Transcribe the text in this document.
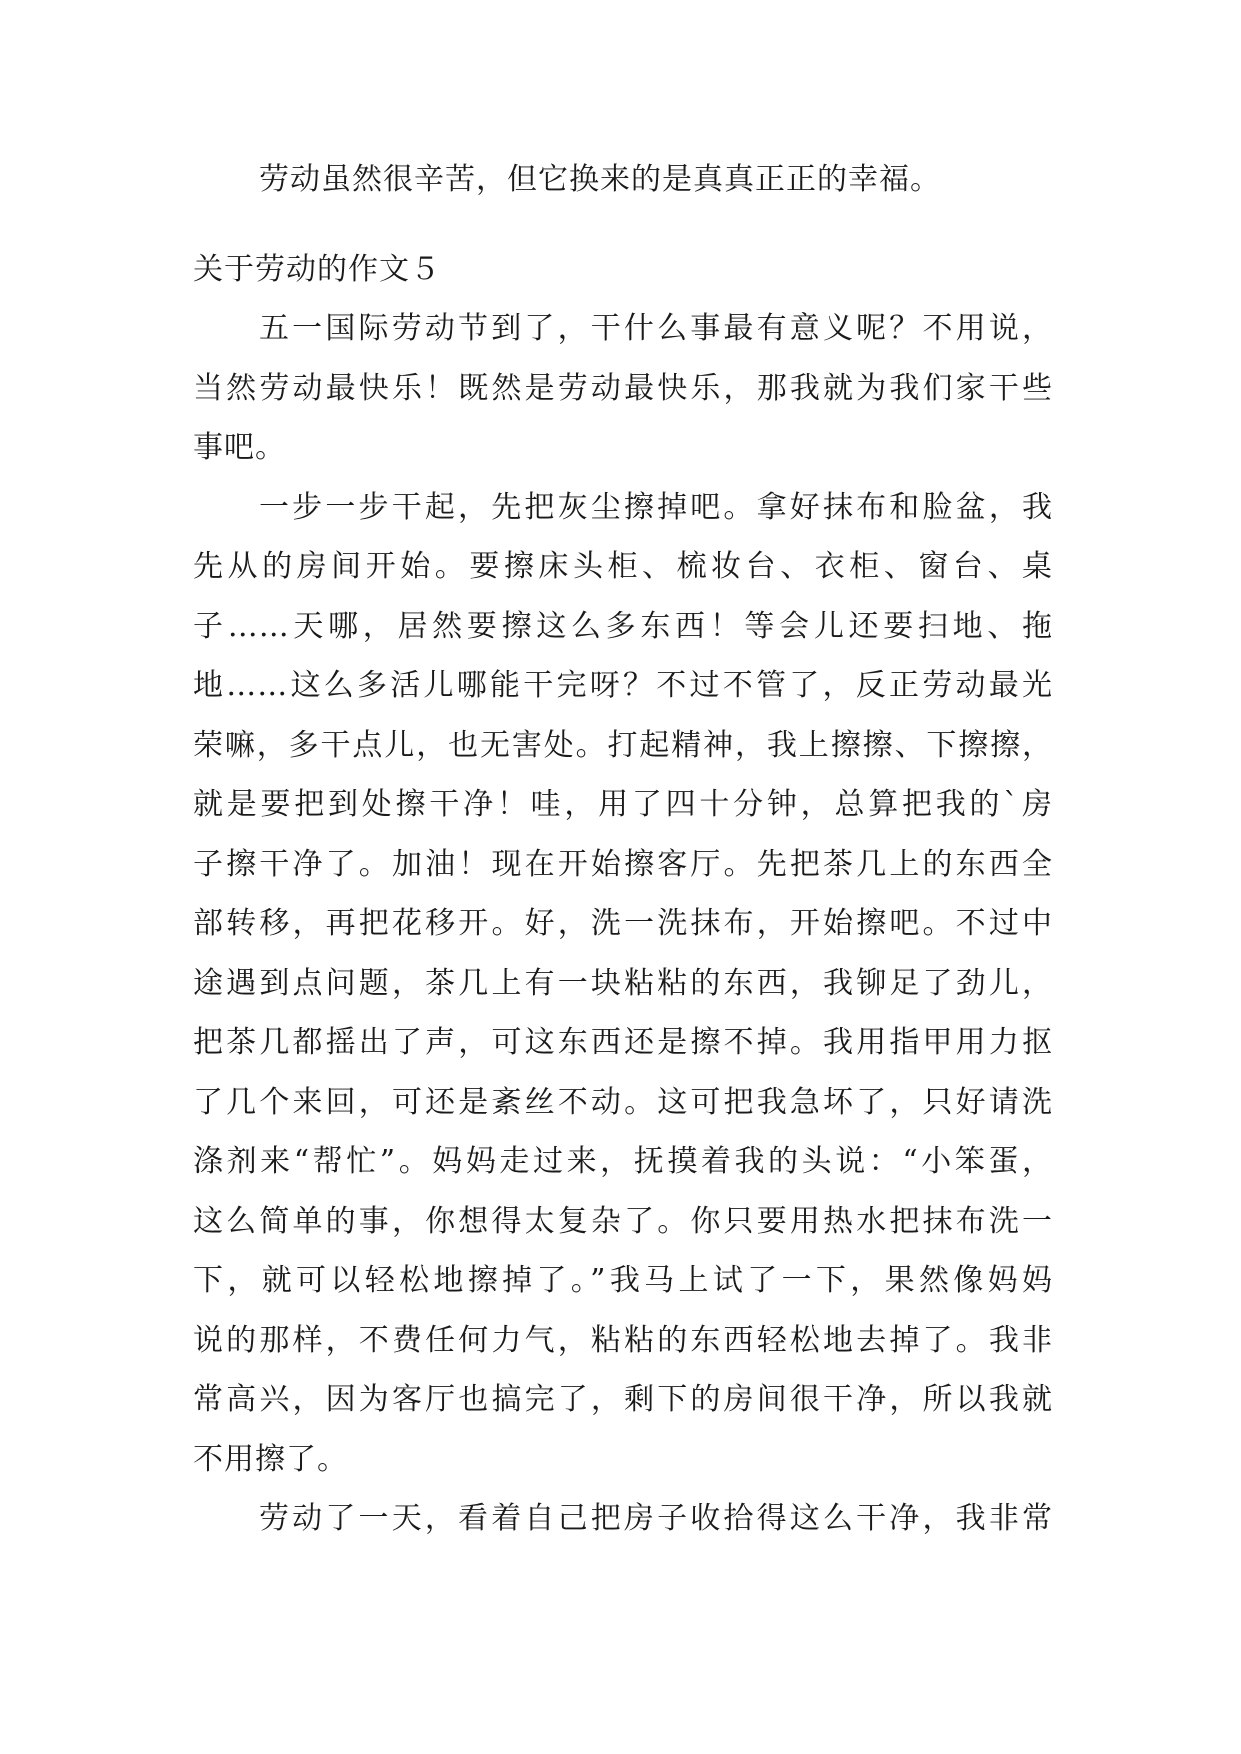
劳动虽然很辛苦，但它换来的是真真正正的幸福。
关于劳动的作文５
五一国际劳动节到了，干什么事最有意义呢？不用说，
当然劳动最快乐！既然是劳动最快乐，那我就为我们家干些
事吧。
一步一步干起，先把灰尘擦掉吧。拿好抹布和脸盆，我
先从的房间开始。要擦床头柜、梳妆台、衣柜、窗台、桌
子……天哪，居然要擦这么多东西！等会儿还要扫地、拖
地……这么多活儿哪能干完呀？不过不管了，反正劳动最光
荣嘛，多干点儿，也无害处。打起精神，我上擦擦、下擦擦，
就是要把到处擦干净！哇，用了四十分钟，总算把我的`房
子擦干净了。加油！现在开始擦客厅。先把茶几上的东西全
部转移，再把花移开。好，洗一洗抹布，开始擦吧。不过中
途遇到点问题，茶几上有一块粘粘的东西，我铆足了劲儿，
把茶几都摇出了声，可这东西还是擦不掉。我用指甲用力抠
了几个来回，可还是紊丝不动。这可把我急坏了，只好请洗
涤剂来“帮忙”。妈妈走过来，抚摸着我的头说：“小笨蛋，
这么简单的事，你想得太复杂了。你只要用热水把抹布洗一
下，就可以轻松地擦掉了。”我马上试了一下，果然像妈妈
说的那样，不费任何力气，粘粘的东西轻松地去掉了。我非
常高兴，因为客厅也搞完了，剩下的房间很干净，所以我就
不用擦了。
劳动了一天，看着自己把房子收拾得这么干净，我非常
